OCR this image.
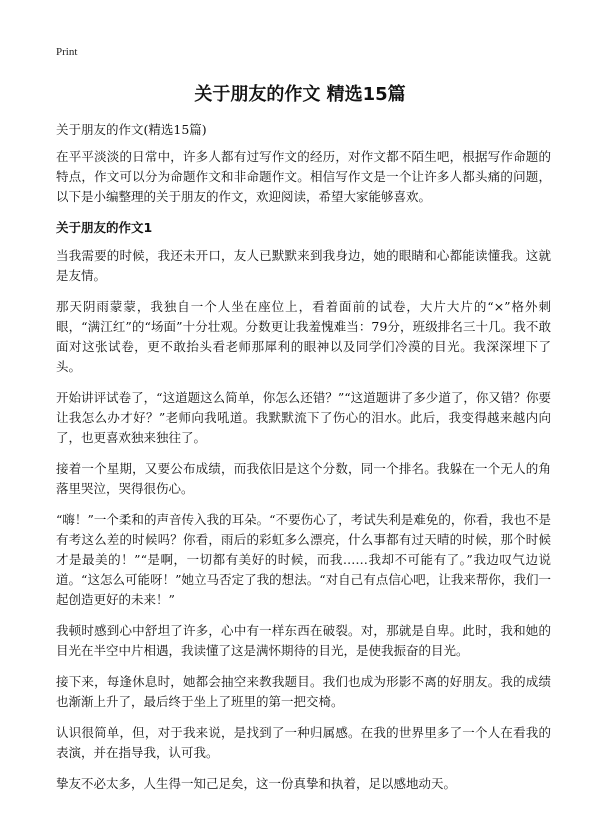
Print
关于朋友的作文 精选15篇

关于朋友的作文(精选15篇)

在平平淡淡的日常中，许多人都有过写作文的经历，对作文都不陌生吧，根据写作命题的特点，作文可以分为命题作文和非命题作文。相信写作文是一个让许多人都头痛的问题，以下是小编整理的关于朋友的作文，欢迎阅读，希望大家能够喜欢。

关于朋友的作文1

当我需要的时候，我还未开口，友人已默默来到我身边，她的眼睛和心都能读懂我。这就是友情。

那天阴雨蒙蒙，我独自一个人坐在座位上，看着面前的试卷，大片大片的“×”格外刺眼，“满江红”的“场面”十分壮观。分数更让我羞愧难当：79分，班级排名三十几。我不敢面对这张试卷，更不敢抬头看老师那犀利的眼神以及同学们冷漠的目光。我深深埋下了头。

开始讲评试卷了，“这道题这么简单，你怎么还错？”“这道题讲了多少道了，你又错？你要让我怎么办才好？”老师向我吼道。我默默流下了伤心的泪水。此后，我变得越来越内向了，也更喜欢独来独往了。

接着一个星期，又要公布成绩，而我依旧是这个分数，同一个排名。我躲在一个无人的角落里哭泣，哭得很伤心。

“嗨！”一个柔和的声音传入我的耳朵。“不要伤心了，考试失利是难免的，你看，我也不是有考这么差的时候吗？你看，雨后的彩虹多么漂亮，什么事都有过天晴的时候，那个时候才是最美的！”“是啊，一切都有美好的时候，而我……我却不可能有了。”我边叹气边说道。“这怎么可能呀！”她立马否定了我的想法。“对自己有点信心吧，让我来帮你，我们一起创造更好的未来！”

我顿时感到心中舒坦了许多，心中有一样东西在破裂。对，那就是自卑。此时，我和她的目光在半空中片相遇，我读懂了这是满怀期待的目光，是使我振奋的目光。

接下来，每逢休息时，她都会抽空来教我题目。我们也成为形影不离的好朋友。我的成绩也渐渐上升了，最后终于坐上了班里的第一把交椅。

认识很简单，但，对于我来说，是找到了一种归属感。在我的世界里多了一个人在看我的表演，并在指导我，认可我。

挚友不必太多，人生得一知己足矣，这一份真挚和执着，足以感地动天。
